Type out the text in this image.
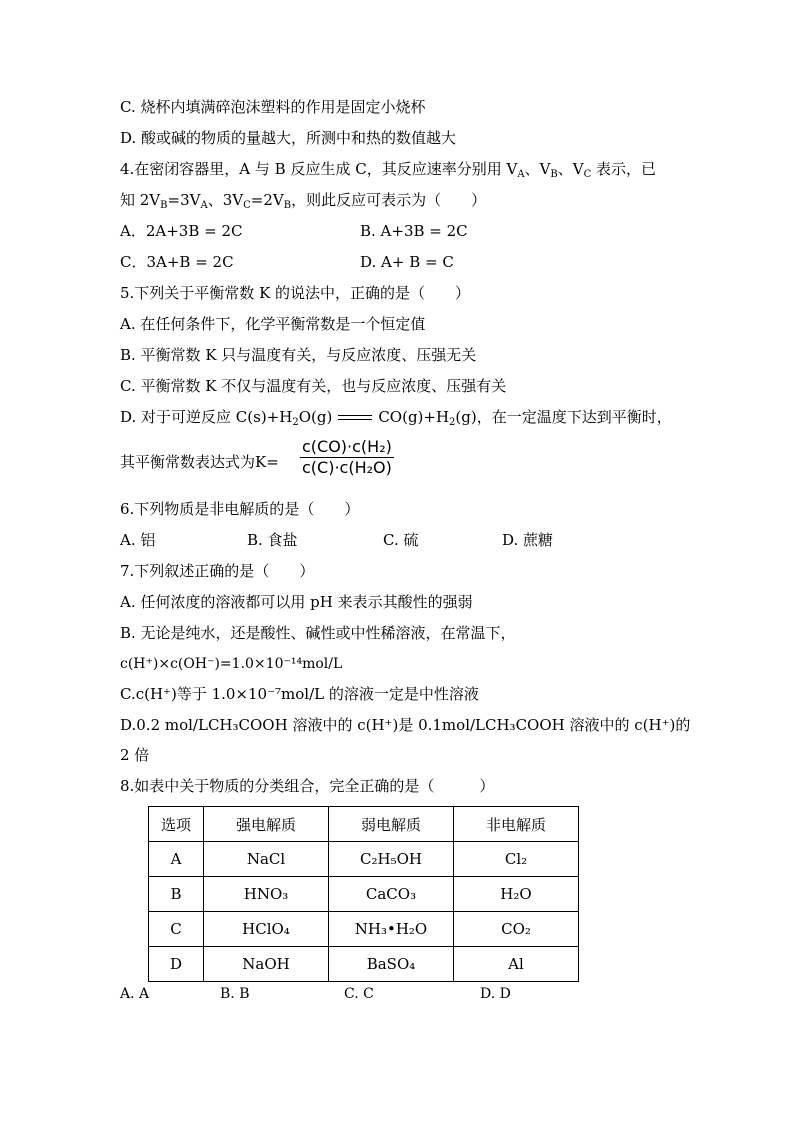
C. 烧杯内填满碎泡沫塑料的作用是固定小烧杯
D. 酸或碱的物质的量越大，所测中和热的数值越大
4.在密闭容器里，A 与 B 反应生成 C，其反应速率分别用 $V_A$、$V_B$、$V_C$ 表示，已
知 $2V_B=3V_A$、$3V_C=2V_B$，则此反应可表示为（　　）
A．2A+3B = 2C	B. A+3B = 2C
C．3A+B = 2C	D. A+ B = C
5.下列关于平衡常数 K 的说法中，正确的是（　　）
A. 在任何条件下，化学平衡常数是一个恒定值
B. 平衡常数 K 只与温度有关，与反应浓度、压强无关
C. 平衡常数 K 不仅与温度有关，也与反应浓度、压强有关
D. 对于可逆反应 $C(s)+H_2O(g)$	$CO(g)+H_2(g)$，在一定温度下达到平衡时，
其平衡常数表达式为K=
c(CO)·c(H₂)
c(C)·c(H₂O)
6.下列物质是非电解质的是（　　）
A. 铝	B. 食盐	C. 硫	D. 蔗糖
7.下列叙述正确的是（　　）
A. 任何浓度的溶液都可以用 pH 来表示其酸性的强弱
B. 无论是纯水，还是酸性、碱性或中性稀溶液，在常温下，
c(H⁺)×c(OH⁻)=1.0×10⁻¹⁴mol/L
C.c(H⁺)等于 1.0×10⁻⁷mol/L 的溶液一定是中性溶液
D.0.2 mol/LCH₃COOH 溶液中的 c(H⁺)是 0.1mol/LCH₃COOH 溶液中的 c(H⁺)的
2 倍
8.如表中关于物质的分类组合，完全正确的是（　　　）
选项	强电解质	弱电解质	非电解质
A	NaCl	C₂H₅OH	Cl₂
B	HNO₃	CaCO₃	H₂O
C	HClO₄	NH₃•H₂O	CO₂
D	NaOH	BaSO₄	Al
A. A	B. B	C. C	D. D
